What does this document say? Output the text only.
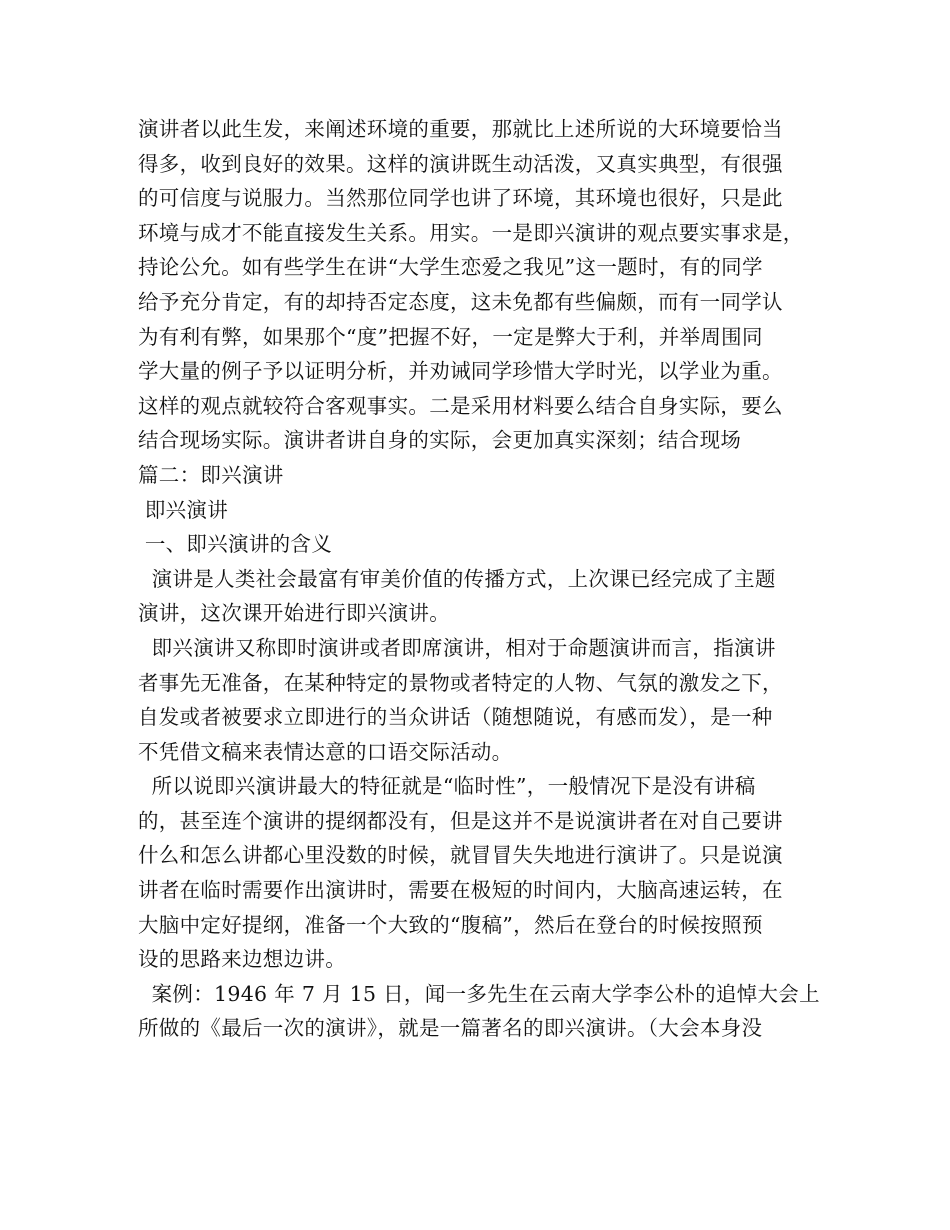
演讲者以此生发，来阐述环境的重要，那就比上述所说的大环境要恰当
得多，收到良好的效果。这样的演讲既生动活泼，又真实典型，有很强
的可信度与说服力。当然那位同学也讲了环境，其环境也很好，只是此
环境与成才不能直接发生关系。用实。一是即兴演讲的观点要实事求是，
持论公允。如有些学生在讲“大学生恋爱之我见”这一题时，有的同学
给予充分肯定，有的却持否定态度，这未免都有些偏颇，而有一同学认
为有利有弊，如果那个“度”把握不好，一定是弊大于利，并举周围同
学大量的例子予以证明分析，并劝诫同学珍惜大学时光，以学业为重。
这样的观点就较符合客观事实。二是采用材料要么结合自身实际，要么
结合现场实际。演讲者讲自身的实际，会更加真实深刻；结合现场
篇二：即兴演讲
即兴演讲
一、即兴演讲的含义
演讲是人类社会最富有审美价值的传播方式，上次课已经完成了主题
演讲，这次课开始进行即兴演讲。
即兴演讲又称即时演讲或者即席演讲，相对于命题演讲而言，指演讲
者事先无准备，在某种特定的景物或者特定的人物、气氛的激发之下，
自发或者被要求立即进行的当众讲话（随想随说，有感而发），是一种
不凭借文稿来表情达意的口语交际活动。
所以说即兴演讲最大的特征就是“临时性”，一般情况下是没有讲稿
的，甚至连个演讲的提纲都没有，但是这并不是说演讲者在对自己要讲
什么和怎么讲都心里没数的时候，就冒冒失失地进行演讲了。只是说演
讲者在临时需要作出演讲时，需要在极短的时间内，大脑高速运转，在
大脑中定好提纲，准备一个大致的“腹稿”，然后在登台的时候按照预
设的思路来边想边讲。
案例：1946 年 7 月 15 日，闻一多先生在云南大学李公朴的追悼大会上
所做的《最后一次的演讲》，就是一篇著名的即兴演讲。（大会本身没
